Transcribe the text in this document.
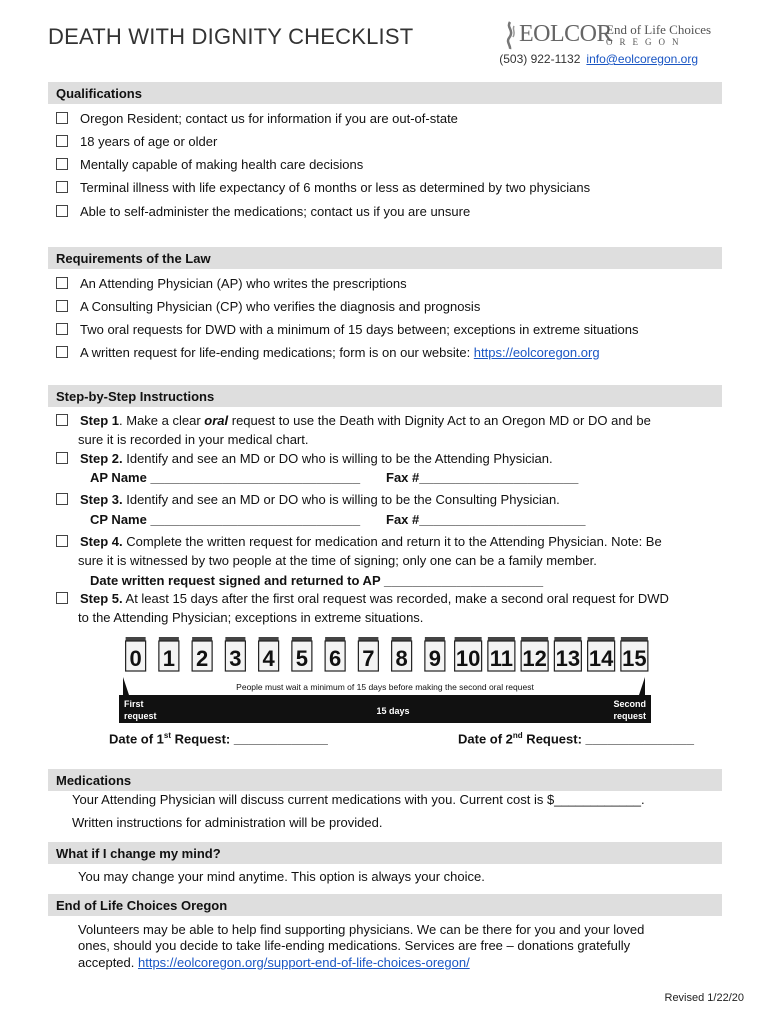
DEATH WITH DIGNITY CHECKLIST	EOLCOR
End of Life Choices
OREGON
(503) 922-1132 info@eolcoregon.org
Qualifications
Oregon Resident; contact us for information if you are out-of-state
18 years of age or older
Mentally capable of making health care decisions
Terminal illness with life expectancy of 6 months or less as determined by two physicians
Able to self-administer the medications; contact us if you are unsure
Requirements of the Law
An Attending Physician (AP) who writes the prescriptions
A Consulting Physician (CP) who verifies the diagnosis and prognosis
Two oral requests for DWD with a minimum of 15 days between; exceptions in extreme situations
A written request for life-ending medications; form is on our website: https://eolcoregon.org
Step-by-Step Instructions
Step 1. Make a clear oral request to use the Death with Dignity Act to an Oregon MD or DO and be
sure it is recorded in your medical chart.
Step 2. Identify and see an MD or DO who is willing to be the Attending Physician.
AP Name _____________________________ Fax #______________________
Step 3. Identify and see an MD or DO who is willing to be the Consulting Physician.
CP Name _____________________________ Fax #_______________________
Step 4. Complete the written request for medication and return it to the Attending Physician. Note: Be
sure it is witnessed by two people at the time of signing; only one can be a family member.
Date written request signed and returned to AP ______________________
Step 5. At least 15 days after the first oral request was recorded, make a second oral request for DWD
to the Attending Physician; exceptions in extreme situations.
0 1 2 3 4 5 6 7 8 9 10 11 12 13 14 15
People must wait a minimum of 15 days before making the second oral request
First
request	15 days
Second
request
Date of 1st Request: _____________	Date of 2nd Request: _______________
Medications
Your Attending Physician will discuss current medications with you. Current cost is $____________.
Written instructions for administration will be provided.
What if I change my mind?
You may change your mind anytime. This option is always your choice.
End of Life Choices Oregon
Volunteers may be able to help find supporting physicians. We can be there for you and your loved
ones, should you decide to take life-ending medications. Services are free – donations gratefully
accepted. https://eolcoregon.org/support-end-of-life-choices-oregon/
Revised 1/22/20
